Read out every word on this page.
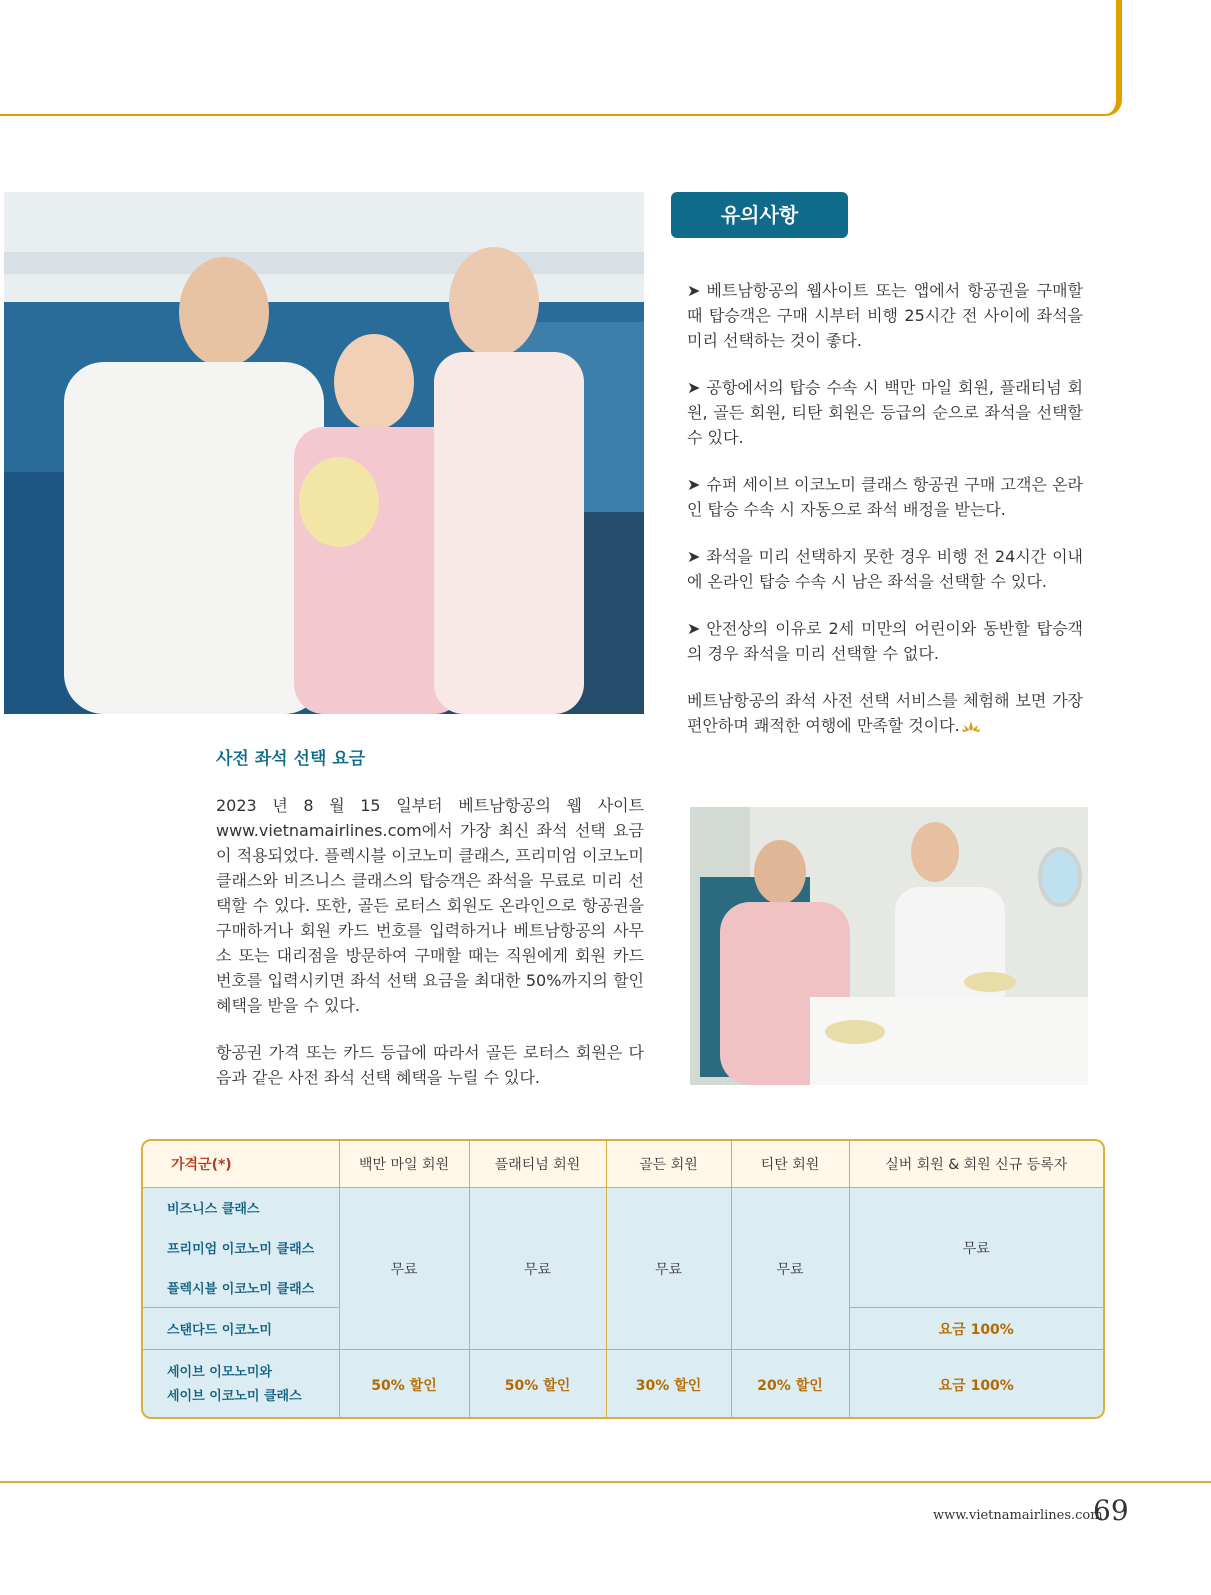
유의사항

➤ 베트남항공의 웹사이트 또는 앱에서 항공권을 구매할 때 탑승객은 구매 시부터 비행 25시간 전 사이에 좌석을 미리 선택하는 것이 좋다.

➤ 공항에서의 탑승 수속 시 백만 마일 회원, 플래티넘 회원, 골든 회원, 티탄 회원은 등급의 순으로 좌석을 선택할 수 있다.

➤ 슈퍼 세이브 이코노미 클래스 항공권 구매 고객은 온라인 탑승 수속 시 자동으로 좌석 배정을 받는다.

➤ 좌석을 미리 선택하지 못한 경우 비행 전 24시간 이내에 온라인 탑승 수속 시 남은 좌석을 선택할 수 있다.

➤ 안전상의 이유로 2세 미만의 어린이와 동반할 탑승객의 경우 좌석을 미리 선택할 수 없다.

베트남항공의 좌석 사전 선택 서비스를 체험해 보면 가장 편안하며 쾌적한 여행에 만족할 것이다.

사전 좌석 선택 요금

2023 년 8 월 15 일부터 베트남항공의 웹 사이트 www.vietnamairlines.com에서 가장 최신 좌석 선택 요금이 적용되었다. 플렉시블 이코노미 클래스, 프리미엄 이코노미 클래스와 비즈니스 클래스의 탑승객은 좌석을 무료로 미리 선택할 수 있다. 또한, 골든 로터스 회원도 온라인으로 항공권을 구매하거나 회원 카드 번호를 입력하거나 베트남항공의 사무소 또는 대리점을 방문하여 구매할 때는 직원에게 회원 카드 번호를 입력시키면 좌석 선택 요금을 최대한 50%까지의 할인 혜택을 받을 수 있다.

항공권 가격 또는 카드 등급에 따라서 골든 로터스 회원은 다음과 같은 사전 좌석 선택 혜택을 누릴 수 있다.

가격군(*)	백만 마일 회원	플래티넘 회원	골든 회원	티탄 회원	실버 회원 & 회원 신규 등록자
비즈니스 클래스	무료	무료	무료	무료	무료
프리미엄 이코노미 클래스					
플렉시블 이코노미 클래스					
스탠다드 이코노미					요금 100%
세이브 이모노미와
세이브 이코노미 클래스	50% 할인	50% 할인	30% 할인	20% 할인	요금 100%
www.vietnamairlines.com
69
